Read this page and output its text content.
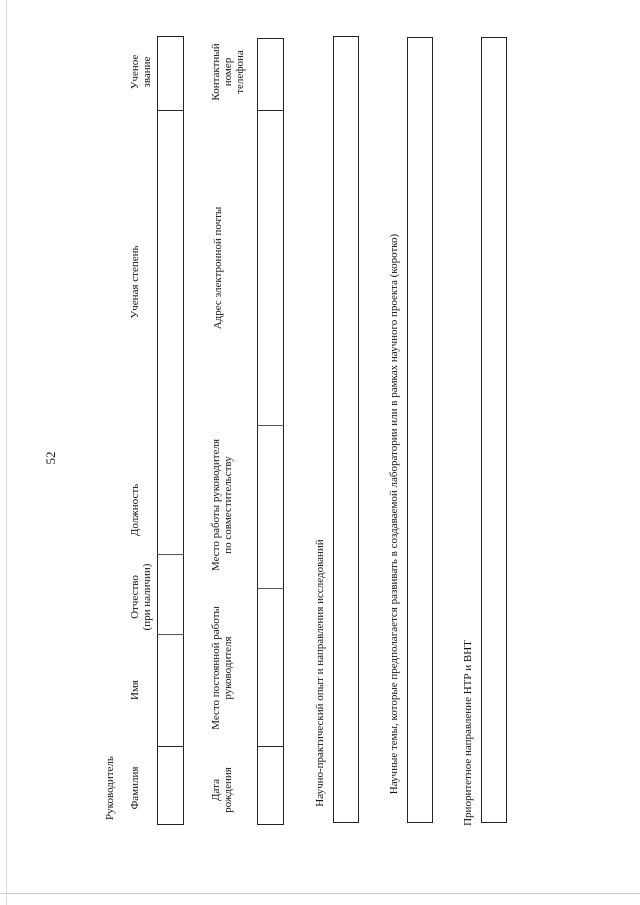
52
Руководитель Фамилия
Имя
Отчество (при наличии)
Должность
Ученая степень
Ученое звание
Дата рождения
Место постоянной работы руководителя
Место работы руководителя по совместительству
Адрес электронной почты
Контактный номер телефона
Научно-практический опыт и направления исследований	Научные темы, которые предполагается развивать в создаваемой лаборатории или в рамках научного проекта (коротко)	Приоритетное направление НТР и ВНТ
